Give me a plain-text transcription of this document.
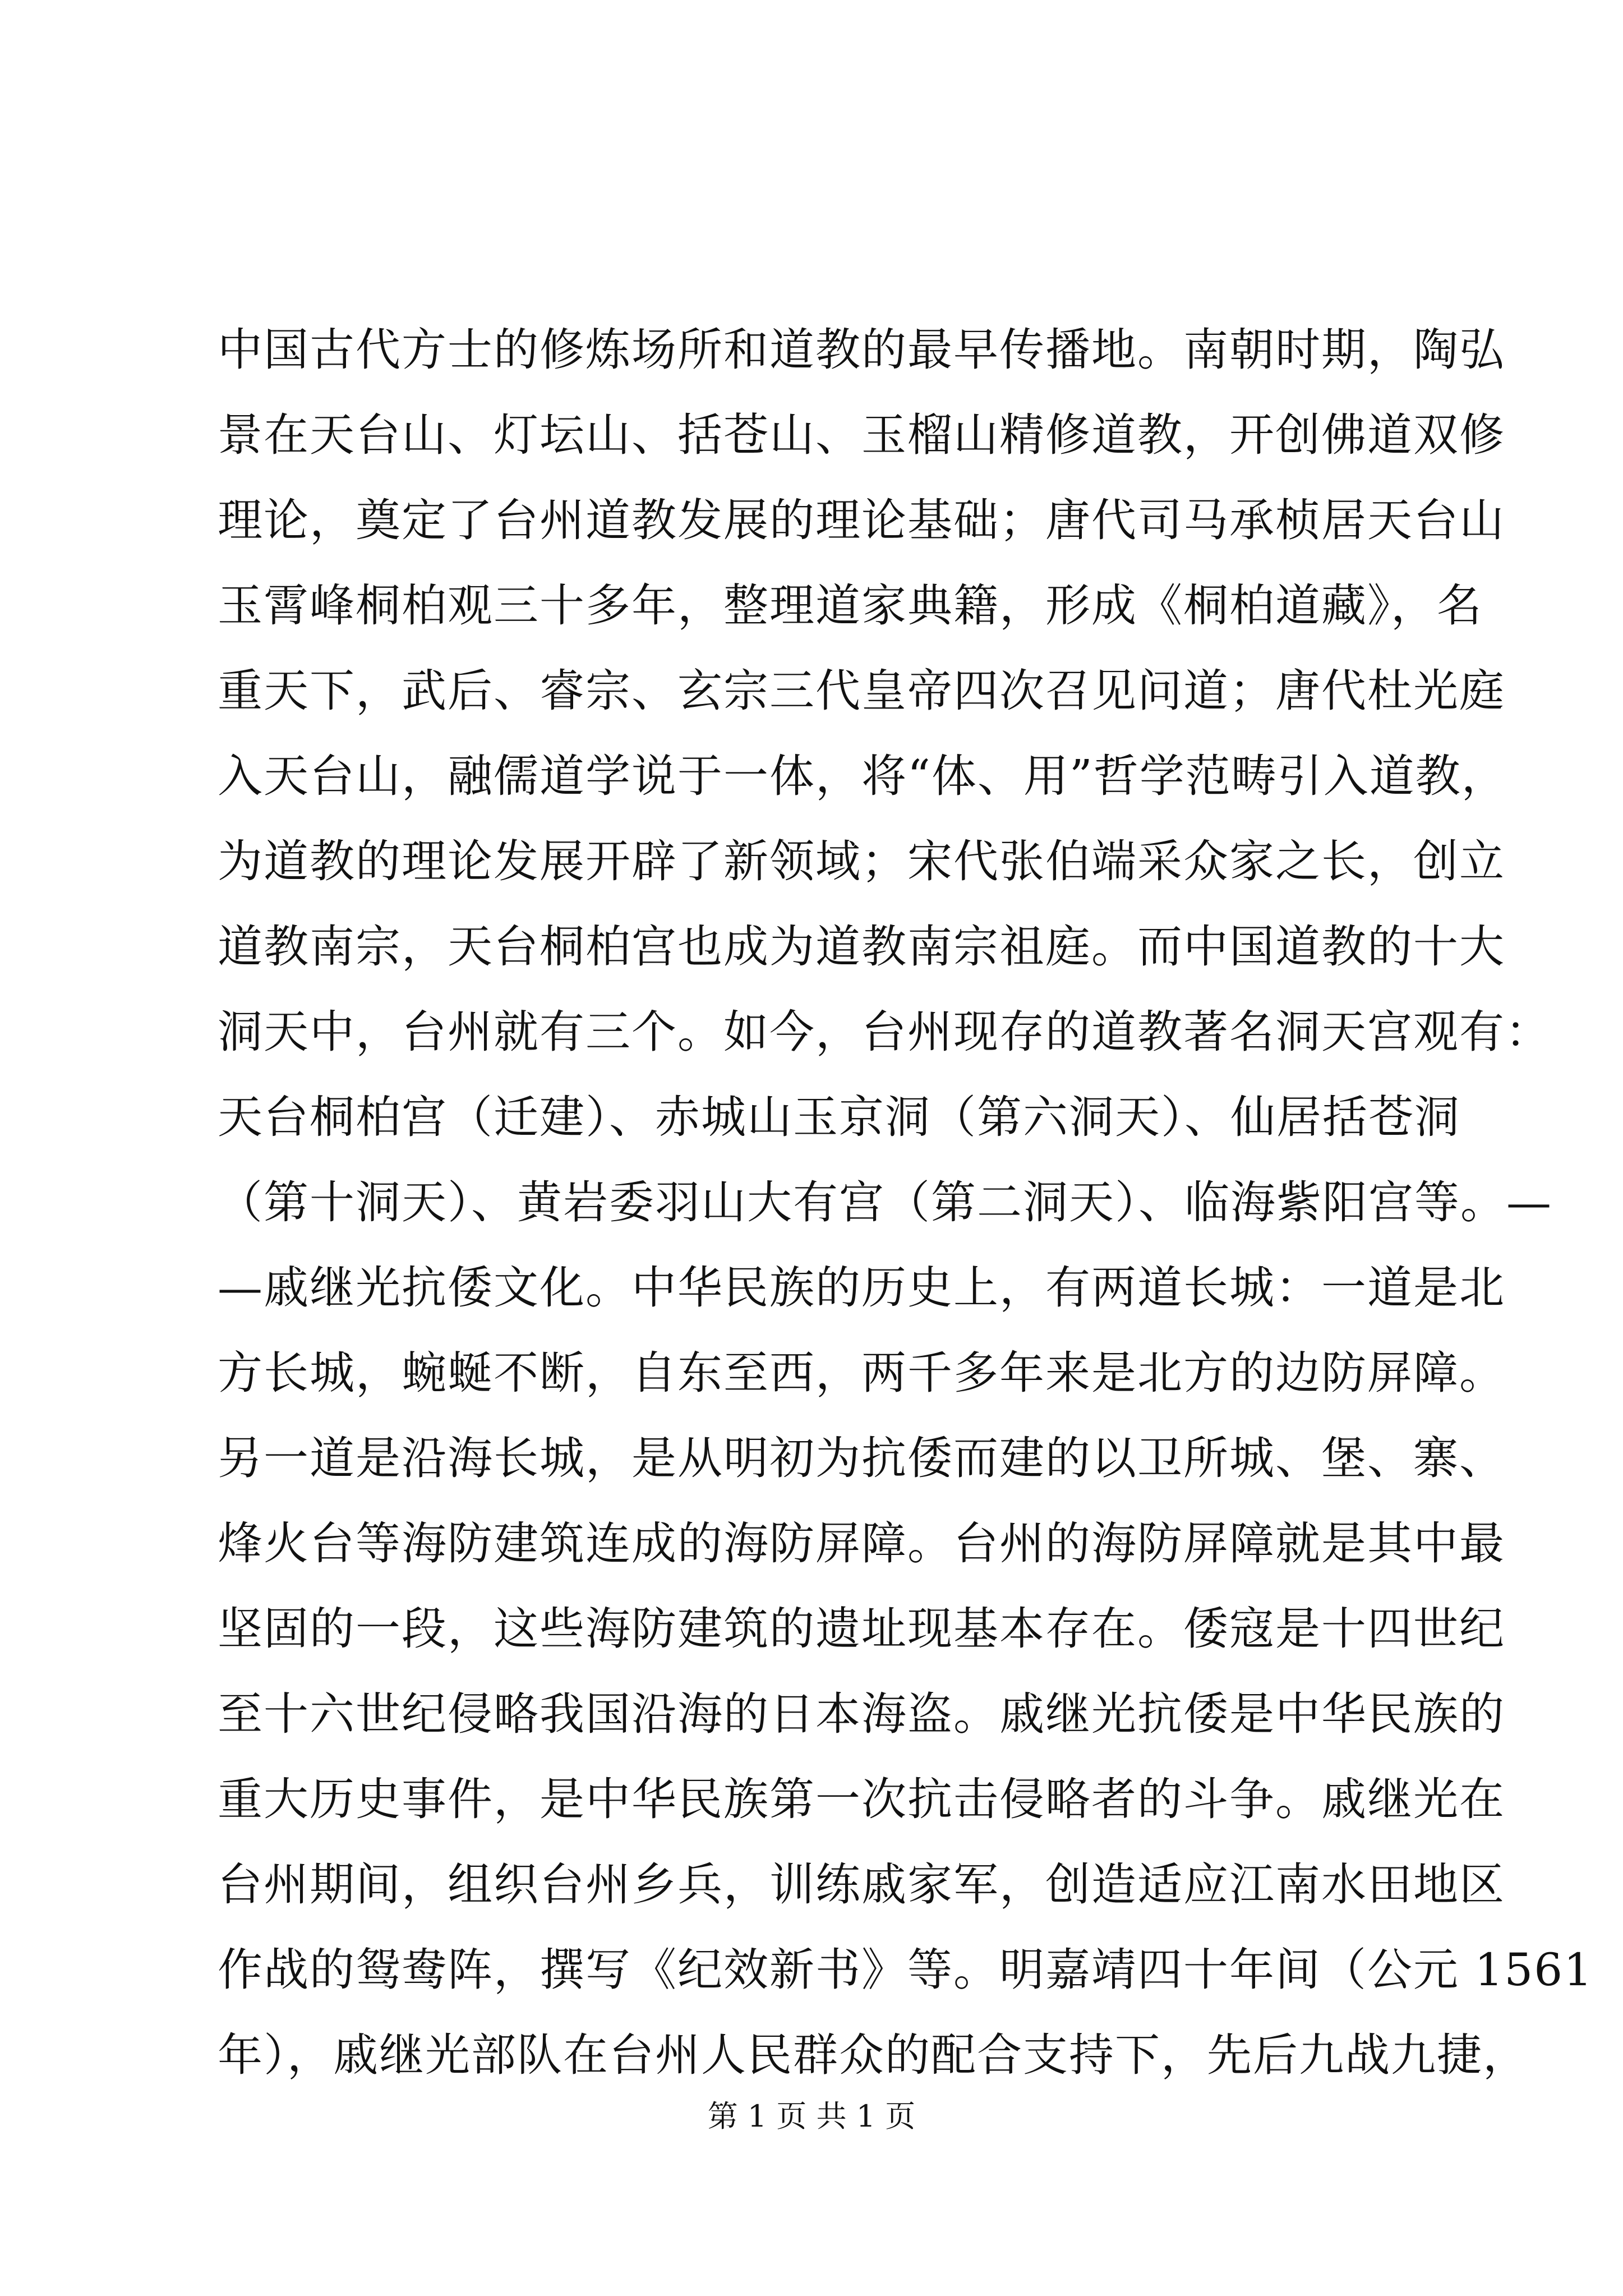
中国古代方士的修炼场所和道教的最早传播地。南朝时期，陶弘
景在天台山、灯坛山、括苍山、玉榴山精修道教，开创佛道双修
理论，奠定了台州道教发展的理论基础；唐代司马承桢居天台山
玉霄峰桐柏观三十多年，整理道家典籍，形成《桐柏道藏》，名
重天下，武后、睿宗、玄宗三代皇帝四次召见问道；唐代杜光庭
入天台山，融儒道学说于一体，将“体、用”哲学范畴引入道教，
为道教的理论发展开辟了新领域；宋代张伯端采众家之长，创立
道教南宗，天台桐柏宫也成为道教南宗祖庭。而中国道教的十大
洞天中，台州就有三个。如今，台州现存的道教著名洞天宫观有：
天台桐柏宫（迁建）、赤城山玉京洞（第六洞天）、仙居括苍洞
（第十洞天）、黄岩委羽山大有宫（第二洞天）、临海紫阳宫等。—
—戚继光抗倭文化。中华民族的历史上，有两道长城：一道是北
方长城，蜿蜒不断，自东至西，两千多年来是北方的边防屏障。
另一道是沿海长城，是从明初为抗倭而建的以卫所城、堡、寨、
烽火台等海防建筑连成的海防屏障。台州的海防屏障就是其中最
坚固的一段，这些海防建筑的遗址现基本存在。倭寇是十四世纪
至十六世纪侵略我国沿海的日本海盗。戚继光抗倭是中华民族的
重大历史事件，是中华民族第一次抗击侵略者的斗争。戚继光在
台州期间，组织台州乡兵，训练戚家军，创造适应江南水田地区
作战的鸳鸯阵，撰写《纪效新书》等。明嘉靖四十年间（公元 1561
年），戚继光部队在台州人民群众的配合支持下，先后九战九捷，
第 1 页 共 1 页
